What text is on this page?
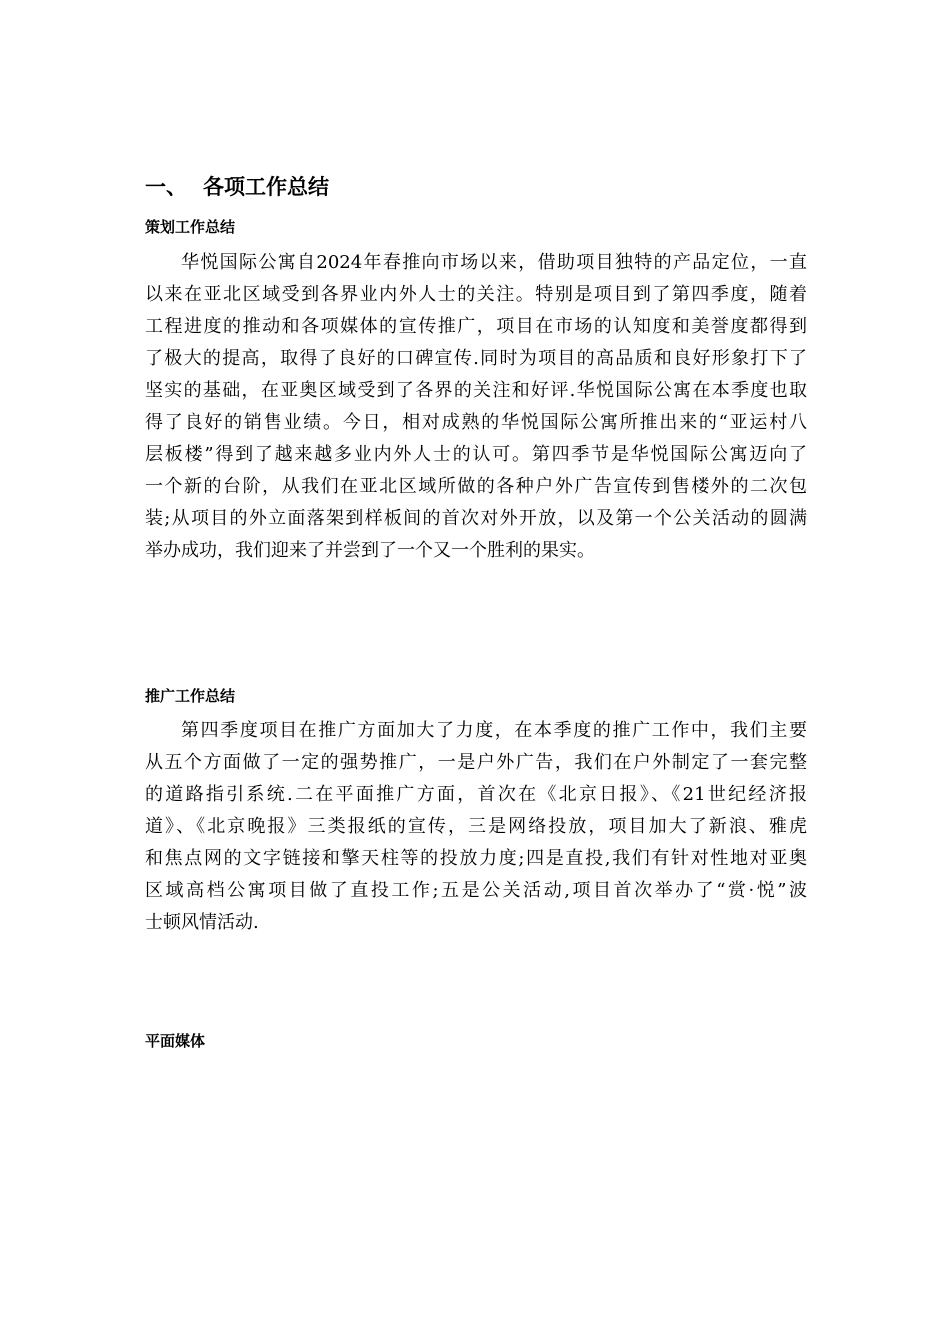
一、 各项工作总结
策划工作总结
华悦国际公寓自2024年春推向市场以来，借助项目独特的产品定位，一直
以来在亚北区域受到各界业内外人士的关注。特别是项目到了第四季度，随着
工程进度的推动和各项媒体的宣传推广，项目在市场的认知度和美誉度都得到
了极大的提高，取得了良好的口碑宣传.同时为项目的高品质和良好形象打下了
坚实的基础，在亚奥区域受到了各界的关注和好评.华悦国际公寓在本季度也取
得了良好的销售业绩。今日，相对成熟的华悦国际公寓所推出来的“亚运村八
层板楼”得到了越来越多业内外人士的认可。第四季节是华悦国际公寓迈向了
一个新的台阶，从我们在亚北区域所做的各种户外广告宣传到售楼外的二次包
装;从项目的外立面落架到样板间的首次对外开放，以及第一个公关活动的圆满
举办成功，我们迎来了并尝到了一个又一个胜利的果实。
推广工作总结
第四季度项目在推广方面加大了力度，在本季度的推广工作中，我们主要
从五个方面做了一定的强势推广，一是户外广告，我们在户外制定了一套完整
的道路指引系统.二在平面推广方面，首次在《北京日报》、《21世纪经济报
道》、《北京晚报》三类报纸的宣传，三是网络投放，项目加大了新浪、雅虎
和焦点网的文字链接和擎天柱等的投放力度;四是直投,我们有针对性地对亚奥
区域高档公寓项目做了直投工作;五是公关活动,项目首次举办了“赏·悦”波
士顿风情活动.
平面媒体
